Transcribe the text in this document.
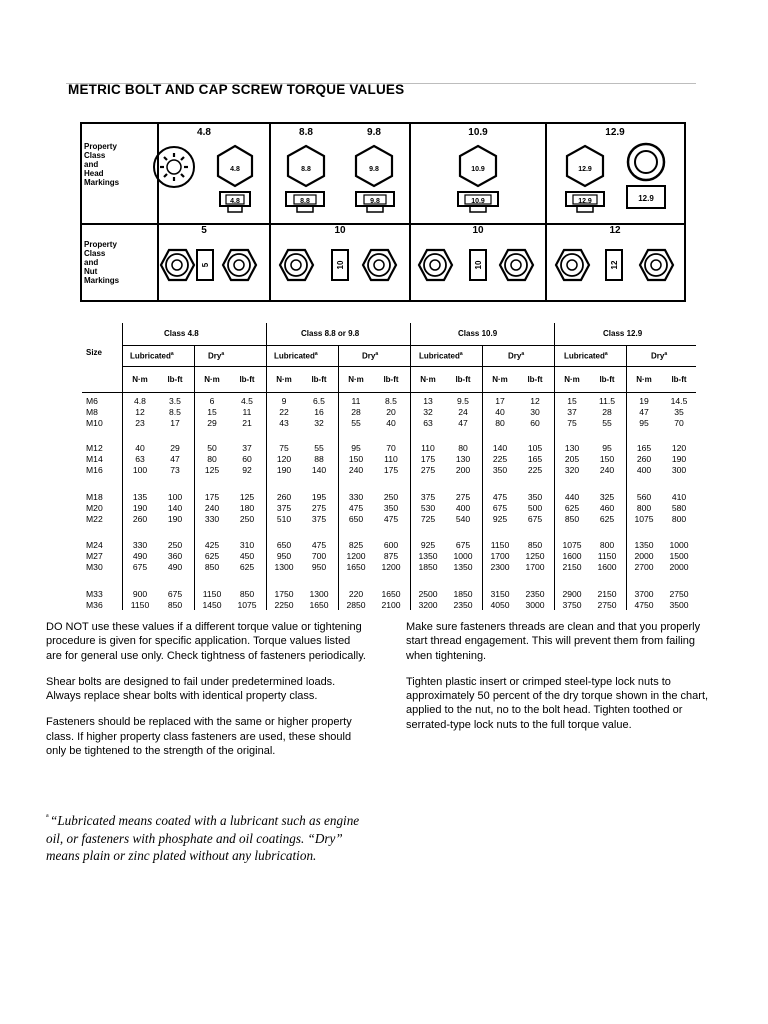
METRIC BOLT AND CAP SCREW TORQUE VALUES
Property
Class
and
Head
Markings
Property
Class
and
Nut
Markings
4.8	8.8	9.8	10.9	12.9
5	10	10	12
4.8
4.8
8.8
8.8
9.8
9.8
10.9
10.9
12.9
12.9	12.9
5	10	10	12
Size
Class 4.8	Class 8.8 or 9.8	Class 10.9	Class 12.9
Lubricated$^a$	Dry$^a$	Lubricated$^a$	Dry$^a$	Lubricated$^a$	Dry$^a$	Lubricated$^a$	Dry$^a$
N·m	lb-ft	N·m	lb-ft	N·m	lb-ft	N·m	lb-ft	N·m	lb-ft	N·m	lb-ft	N·m	lb-ft	N·m	lb-ft
M6	4.8	3.5	6	4.5	9	6.5	11	8.5	13	9.5	17	12	15	11.5	19	14.5
M8	12	8.5	15	11	22	16	28	20	32	24	40	30	37	28	47	35
M10	23	17	29	21	43	32	55	40	63	47	80	60	75	55	95	70
M12	40	29	50	37	75	55	95	70	110	80	140	105	130	95	165	120
M14	63	47	80	60	120	88	150	110	175	130	225	165	205	150	260	190
M16	100	73	125	92	190	140	240	175	275	200	350	225	320	240	400	300
M18	135	100	175	125	260	195	330	250	375	275	475	350	440	325	560	410
M20	190	140	240	180	375	275	475	350	530	400	675	500	625	460	800	580
M22	260	190	330	250	510	375	650	475	725	540	925	675	850	625	1075	800
M24	330	250	425	310	650	475	825	600	925	675	1150	850	1075	800	1350	1000
M27	490	360	625	450	950	700	1200	875	1350	1000	1700	1250	1600	1150	2000	1500
M30	675	490	850	625	1300	950	1650	1200	1850	1350	2300	1700	2150	1600	2700	2000
M33	900	675	1150	850	1750	1300	220	1650	2500	1850	3150	2350	2900	2150	3700	2750
M36	1150	850	1450	1075	2250	1650	2850	2100	3200	2350	4050	3000	3750	2750	4750	3500

DO NOT use these values if a different torque value or tightening procedure is given for specific application. Torque values listed are for general use only. Check tightness of fasteners periodically.

Shear bolts are designed to fail under predetermined loads. Always replace shear bolts with identical property class.

Fasteners should be replaced with the same or higher property class. If higher property class fasteners are used, these should only be tightened to the strength of the original.

Make sure fasteners threads are clean and that you properly start thread engagement. This will prevent them from failing when tightening.

Tighten plastic insert or crimped steel-type lock nuts to approximately 50 percent of the dry torque shown in the chart, applied to the nut, no to the bolt head. Tighten toothed or serrated-type lock nuts to the full torque value.

a “Lubricated means coated with a lubricant such as engine oil, or fasteners with phosphate and oil coatings. “Dry” means plain or zinc plated without any lubrication.
